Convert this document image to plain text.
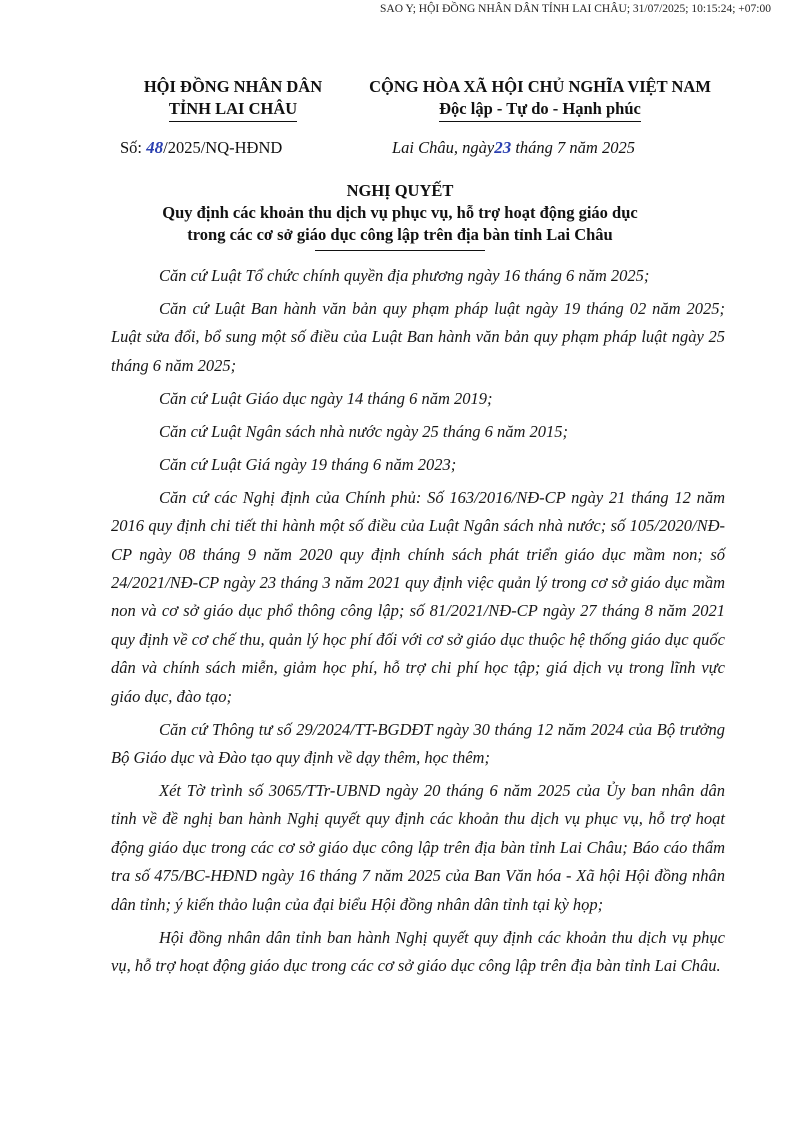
SAO Y; HỘI ĐỒNG NHÂN DÂN TỈNH LAI CHÂU; 31/07/2025; 10:15:24; +07:00
HỘI ĐỒNG NHÂN DÂN
TỈNH LAI CHÂU
CỘNG HÒA XÃ HỘI CHỦ NGHĨA VIỆT NAM
Độc lập - Tự do - Hạnh phúc
Số: 48/2025/NQ-HĐND	Lai Châu, ngày23 tháng 7 năm 2025
NGHỊ QUYẾT
Quy định các khoản thu dịch vụ phục vụ, hỗ trợ hoạt động giáo dục
trong các cơ sở giáo dục công lập trên địa bàn tỉnh Lai Châu

Căn cứ Luật Tổ chức chính quyền địa phương ngày 16 tháng 6 năm 2025;

Căn cứ Luật Ban hành văn bản quy phạm pháp luật ngày 19 tháng 02 năm 2025; Luật sửa đổi, bổ sung một số điều của Luật Ban hành văn bản quy phạm pháp luật ngày 25 tháng 6 năm 2025;

Căn cứ Luật Giáo dục ngày 14 tháng 6 năm 2019;

Căn cứ Luật Ngân sách nhà nước ngày 25 tháng 6 năm 2015;

Căn cứ Luật Giá ngày 19 tháng 6 năm 2023;

Căn cứ các Nghị định của Chính phủ: Số 163/2016/NĐ-CP ngày 21 tháng 12 năm 2016 quy định chi tiết thi hành một số điều của Luật Ngân sách nhà nước; số 105/2020/NĐ-CP ngày 08 tháng 9 năm 2020 quy định chính sách phát triển giáo dục mầm non; số 24/2021/NĐ-CP ngày 23 tháng 3 năm 2021 quy định việc quản lý trong cơ sở giáo dục mầm non và cơ sở giáo dục phổ thông công lập; số 81/2021/NĐ-CP ngày 27 tháng 8 năm 2021 quy định về cơ chế thu, quản lý học phí đối với cơ sở giáo dục thuộc hệ thống giáo dục quốc dân và chính sách miễn, giảm học phí, hỗ trợ chi phí học tập; giá dịch vụ trong lĩnh vực giáo dục, đào tạo;

Căn cứ Thông tư số 29/2024/TT-BGDĐT ngày 30 tháng 12 năm 2024 của Bộ trưởng Bộ Giáo dục và Đào tạo quy định về dạy thêm, học thêm;

Xét Tờ trình số 3065/TTr-UBND ngày 20 tháng 6 năm 2025 của Ủy ban nhân dân tỉnh về đề nghị ban hành Nghị quyết quy định các khoản thu dịch vụ phục vụ, hỗ trợ hoạt động giáo dục trong các cơ sở giáo dục công lập trên địa bàn tỉnh Lai Châu; Báo cáo thẩm tra số 475/BC-HĐND ngày 16 tháng 7 năm 2025 của Ban Văn hóa - Xã hội Hội đồng nhân dân tỉnh; ý kiến thảo luận của đại biểu Hội đồng nhân dân tỉnh tại kỳ họp;

Hội đồng nhân dân tỉnh ban hành Nghị quyết quy định các khoản thu dịch vụ phục vụ, hỗ trợ hoạt động giáo dục trong các cơ sở giáo dục công lập trên địa bàn tỉnh Lai Châu.
